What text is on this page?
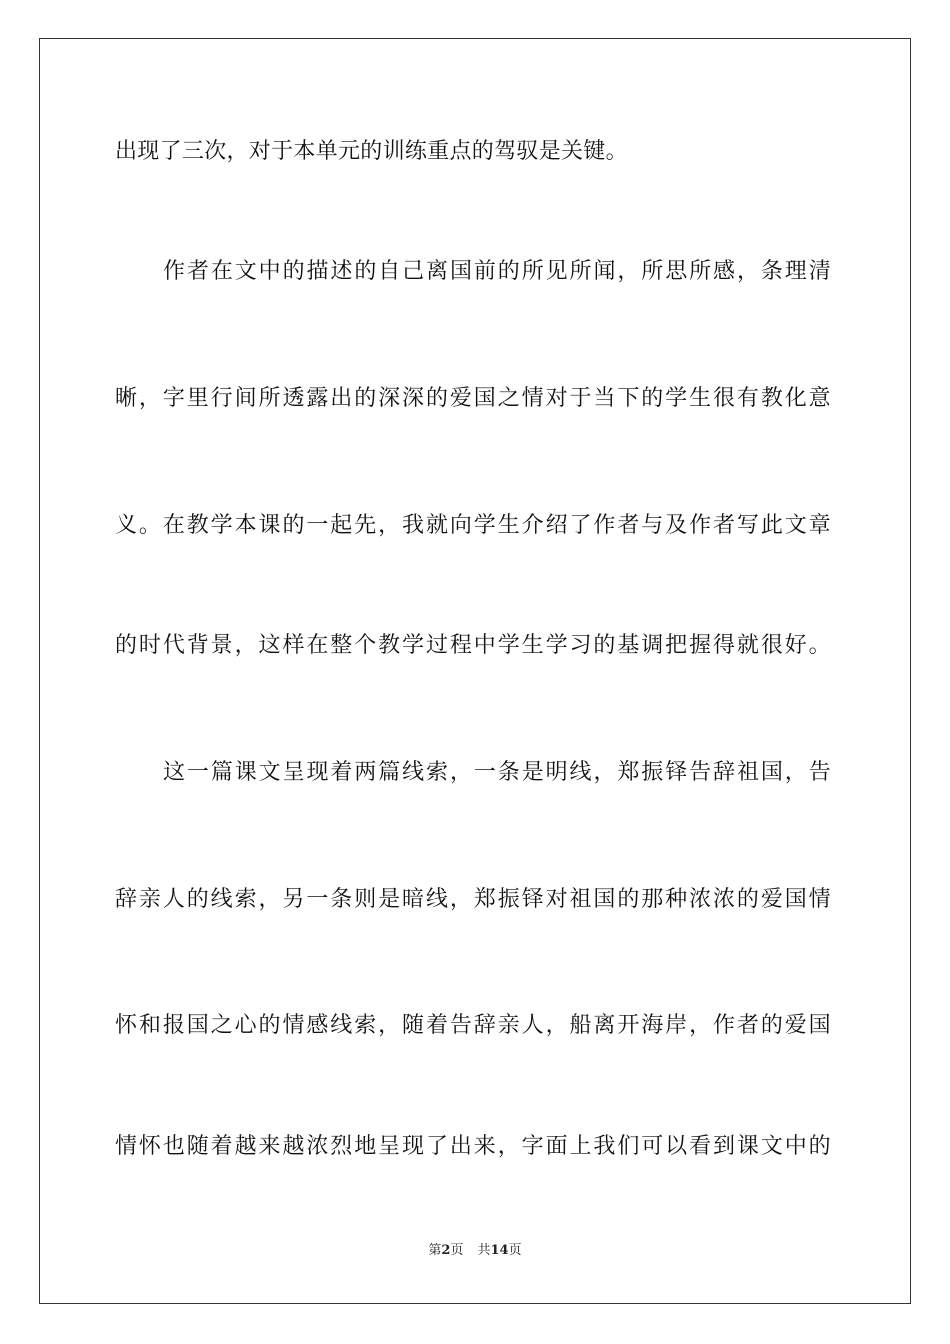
出现了三次，对于本单元的训练重点的驾驭是关键。
作者在文中的描述的自己离国前的所见所闻，所思所感，条理清
晰，字里行间所透露出的深深的爱国之情对于当下的学生很有教化意
义。在教学本课的一起先，我就向学生介绍了作者与及作者写此文章
的时代背景，这样在整个教学过程中学生学习的基调把握得就很好。
这一篇课文呈现着两篇线索，一条是明线，郑振铎告辞祖国，告
辞亲人的线索，另一条则是暗线，郑振铎对祖国的那种浓浓的爱国情
怀和报国之心的情感线索，随着告辞亲人，船离开海岸，作者的爱国
情怀也随着越来越浓烈地呈现了出来，字面上我们可以看到课文中的
第2页 共14页
